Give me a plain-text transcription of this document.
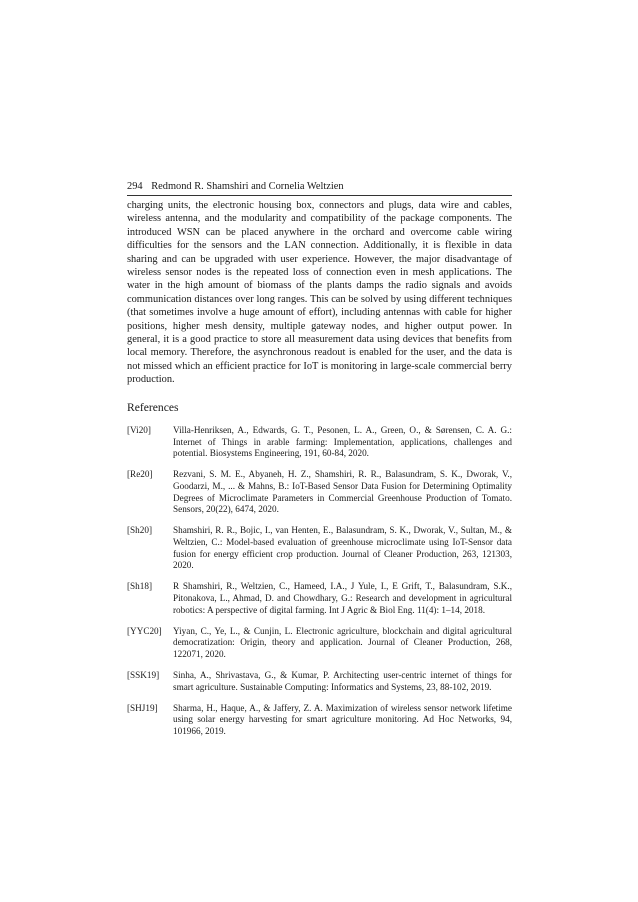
294 Redmond R. Shamshiri and Cornelia Weltzien

charging units, the electronic housing box, connectors and plugs, data wire and cables, wireless antenna, and the modularity and compatibility of the package components. The introduced WSN can be placed anywhere in the orchard and overcome cable wiring difficulties for the sensors and the LAN connection. Additionally, it is flexible in data sharing and can be upgraded with user experience. However, the major disadvantage of wireless sensor nodes is the repeated loss of connection even in mesh applications. The water in the high amount of biomass of the plants damps the radio signals and avoids communication distances over long ranges. This can be solved by using different techniques (that sometimes involve a huge amount of effort), including antennas with cable for higher positions, higher mesh density, multiple gateway nodes, and higher output power. In general, it is a good practice to store all measurement data using devices that benefits from local memory. Therefore, the asynchronous readout is enabled for the user, and the data is not missed which an efficient practice for IoT is monitoring in large-scale commercial berry production.

References
[Vi20]	Villa-Henriksen, A., Edwards, G. T., Pesonen, L. A., Green, O., & Sørensen, C. A. G.: Internet of Things in arable farming: Implementation, applications, challenges and potential. Biosystems Engineering, 191, 60-84, 2020.
[Re20]	Rezvani, S. M. E., Abyaneh, H. Z., Shamshiri, R. R., Balasundram, S. K., Dworak, V., Goodarzi, M., ... & Mahns, B.: IoT-Based Sensor Data Fusion for Determining Optimality Degrees of Microclimate Parameters in Commercial Greenhouse Production of Tomato. Sensors, 20(22), 6474, 2020.
[Sh20]	Shamshiri, R. R., Bojic, I., van Henten, E., Balasundram, S. K., Dworak, V., Sultan, M., & Weltzien, C.: Model-based evaluation of greenhouse microclimate using IoT-Sensor data fusion for energy efficient crop production. Journal of Cleaner Production, 263, 121303, 2020.
[Sh18]	R Shamshiri, R., Weltzien, C., Hameed, I.A., J Yule, I., E Grift, T., Balasundram, S.K., Pitonakova, L., Ahmad, D. and Chowdhary, G.: Research and development in agricultural robotics: A perspective of digital farming. Int J Agric & Biol Eng. 11(4): 1–14, 2018.
[YYC20]	Yiyan, C., Ye, L., & Cunjin, L. Electronic agriculture, blockchain and digital agricultural democratization: Origin, theory and application. Journal of Cleaner Production, 268, 122071, 2020.
[SSK19]	Sinha, A., Shrivastava, G., & Kumar, P. Architecting user-centric internet of things for smart agriculture. Sustainable Computing: Informatics and Systems, 23, 88-102, 2019.
[SHJ19]	Sharma, H., Haque, A., & Jaffery, Z. A. Maximization of wireless sensor network lifetime using solar energy harvesting for smart agriculture monitoring. Ad Hoc Networks, 94, 101966, 2019.
